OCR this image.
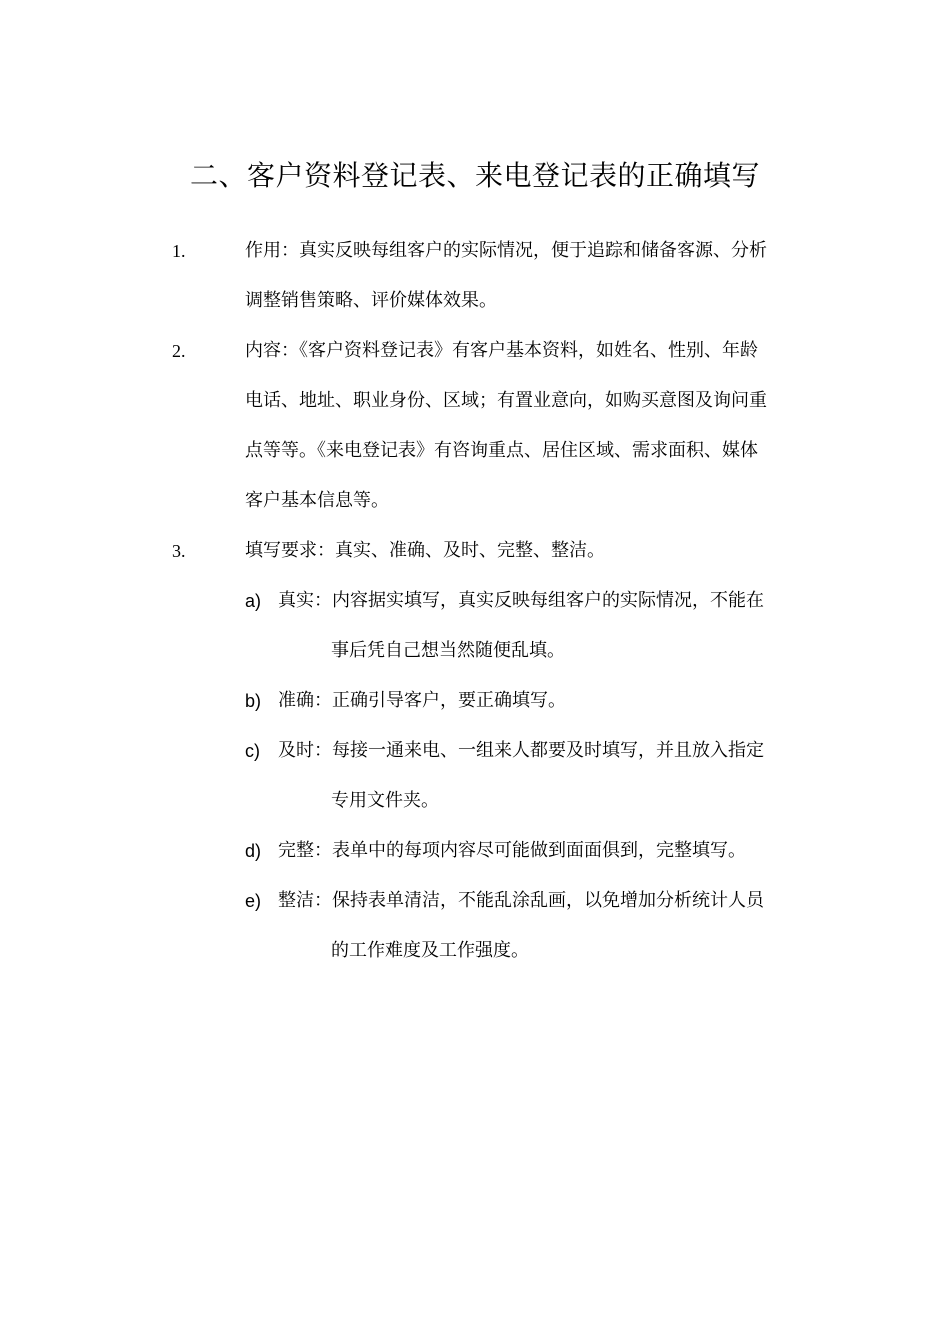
二、客户资料登记表、来电登记表的正确填写
1.	作用：真实反映每组客户的实际情况，便于追踪和储备客源、分析
调整销售策略、评价媒体效果。
2.	内容：《客户资料登记表》有客户基本资料，如姓名、性别、年龄
电话、地址、职业身份、区域；有置业意向，如购买意图及询问重
点等等。《来电登记表》有咨询重点、居住区域、需求面积、媒体
客户基本信息等。
3.	填写要求：真实、准确、及时、完整、整洁。
a) 真实：内容据实填写，真实反映每组客户的实际情况，不能在
事后凭自己想当然随便乱填。
b) 准确：正确引导客户，要正确填写。
c) 及时：每接一通来电、一组来人都要及时填写，并且放入指定
专用文件夹。
d) 完整：表单中的每项内容尽可能做到面面俱到，完整填写。
e) 整洁：保持表单清洁，不能乱涂乱画，以免增加分析统计人员
的工作难度及工作强度。
